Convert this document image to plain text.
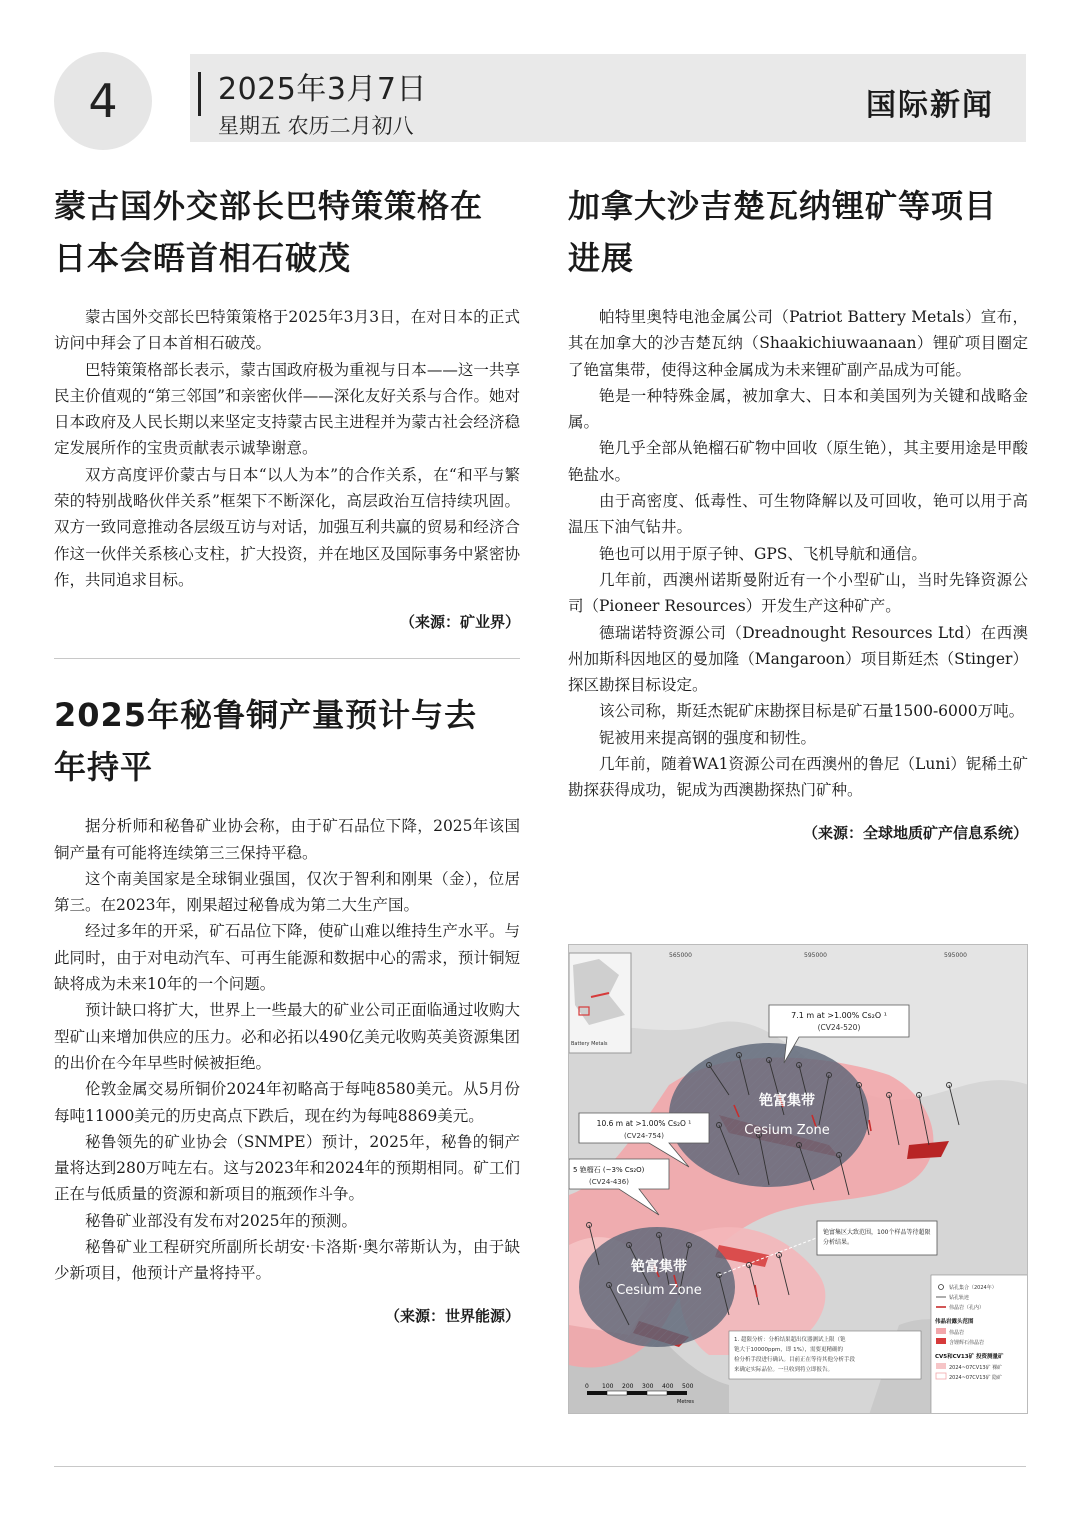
4	2025年3月7日
星期五 农历二月初八
国际新闻
蒙古国外交部长巴特策策格在
日本会晤首相石破茂

蒙古国外交部长巴特策策格于2025年3月3日，在对日本的正式访问中拜会了日本首相石破茂。

巴特策策格部长表示，蒙古国政府极为重视与日本——这一共享民主价值观的“第三邻国”和亲密伙伴——深化友好关系与合作。她对日本政府及人民长期以来坚定支持蒙古民主进程并为蒙古社会经济稳定发展所作的宝贵贡献表示诚挚谢意。

双方高度评价蒙古与日本“以人为本”的合作关系，在“和平与繁荣的特别战略伙伴关系”框架下不断深化，高层政治互信持续巩固。双方一致同意推动各层级互访与对话，加强互利共赢的贸易和经济合作这一伙伴关系核心支柱，扩大投资，并在地区及国际事务中紧密协作，共同追求目标。

（来源：矿业界）
2025年秘鲁铜产量预计与去
年持平

据分析师和秘鲁矿业协会称，由于矿石品位下降，2025年该国铜产量有可能将连续第三三保持平稳。

这个南美国家是全球铜业强国，仅次于智利和刚果（金），位居第三。在2023年，刚果超过秘鲁成为第二大生产国。

经过多年的开采，矿石品位下降，使矿山难以维持生产水平。与此同时，由于对电动汽车、可再生能源和数据中心的需求，预计铜短缺将成为未来10年的一个问题。

预计缺口将扩大，世界上一些最大的矿业公司正面临通过收购大型矿山来增加供应的压力。必和必拓以490亿美元收购英美资源集团的出价在今年早些时候被拒绝。

伦敦金属交易所铜价2024年初略高于每吨8580美元。从5月份每吨11000美元的历史高点下跌后，现在约为每吨8869美元。

秘鲁领先的矿业协会（SNMPE）预计，2025年，秘鲁的铜产量将达到280万吨左右。这与2023年和2024年的预期相同。矿工们正在与低质量的资源和新项目的瓶颈作斗争。

秘鲁矿业部没有发布对2025年的预测。

秘鲁矿业工程研究所副所长胡安·卡洛斯·奥尔蒂斯认为，由于缺少新项目，他预计产量将持平。

（来源：世界能源）
加拿大沙吉楚瓦纳锂矿等项目
进展

帕特里奥特电池金属公司（Patriot Battery Metals）宣布，其在加拿大的沙吉楚瓦纳（Shaakichiuwaanaan）锂矿项目圈定了铯富集带，使得这种金属成为未来锂矿副产品成为可能。

铯是一种特殊金属，被加拿大、日本和美国列为关键和战略金属。

铯几乎全部从铯榴石矿物中回收（原生铯），其主要用途是甲酸铯盐水。

由于高密度、低毒性、可生物降解以及可回收，铯可以用于高温压下油气钻井。

铯也可以用于原子钟、GPS、飞机导航和通信。

几年前，西澳州诺斯曼附近有一个小型矿山，当时先锋资源公司（Pioneer Resources）开发生产这种矿产。

德瑞诺特资源公司（Dreadnought Resources Ltd）在西澳州加斯科因地区的曼加隆（Mangaroon）项目斯廷杰（Stinger）探区勘探目标设定。

该公司称，斯廷杰铌矿床勘探目标是矿石量1500-6000万吨。

铌被用来提高钢的强度和韧性。

几年前，随着WA1资源公司在西澳州的鲁尼（Luni）铌稀土矿勘探获得成功，铌成为西澳勘探热门矿种。

（来源：全球地质矿产信息系统）
565000	595000	595000
Battery Metals
铯富集带
Cesium Zone
铯富集带
Cesium Zone
7.1 m at >1.00% Cs₂O ¹
(CV24-520)
10.6 m at >1.00% Cs₂O ¹
(CV24-754)
5 铯榴石 (~3% Cs₂O)
(CV24-436)
铯富集区大致范围，100个样品等待超限
分析结果。
1. 超限分析：分析结果超出仪器测试上限（铯
铯大于10000ppm，即 1%），需要更精确的
检分析手段进行确认。目前正在等待其他分析手段
来确定实际品位。一旦收到将立即报告。
0 100 200 300 400 500
Metres
钻孔集合（2024年）
钻孔轨迹
伟晶岩（孔内）
伟晶岩露头范围
伟晶岩
含锂辉石伟晶岩
CV5和CV13矿 投资测量矿
2024~07CV13矿 裸矿
2024~07CV13矿 隐矿
